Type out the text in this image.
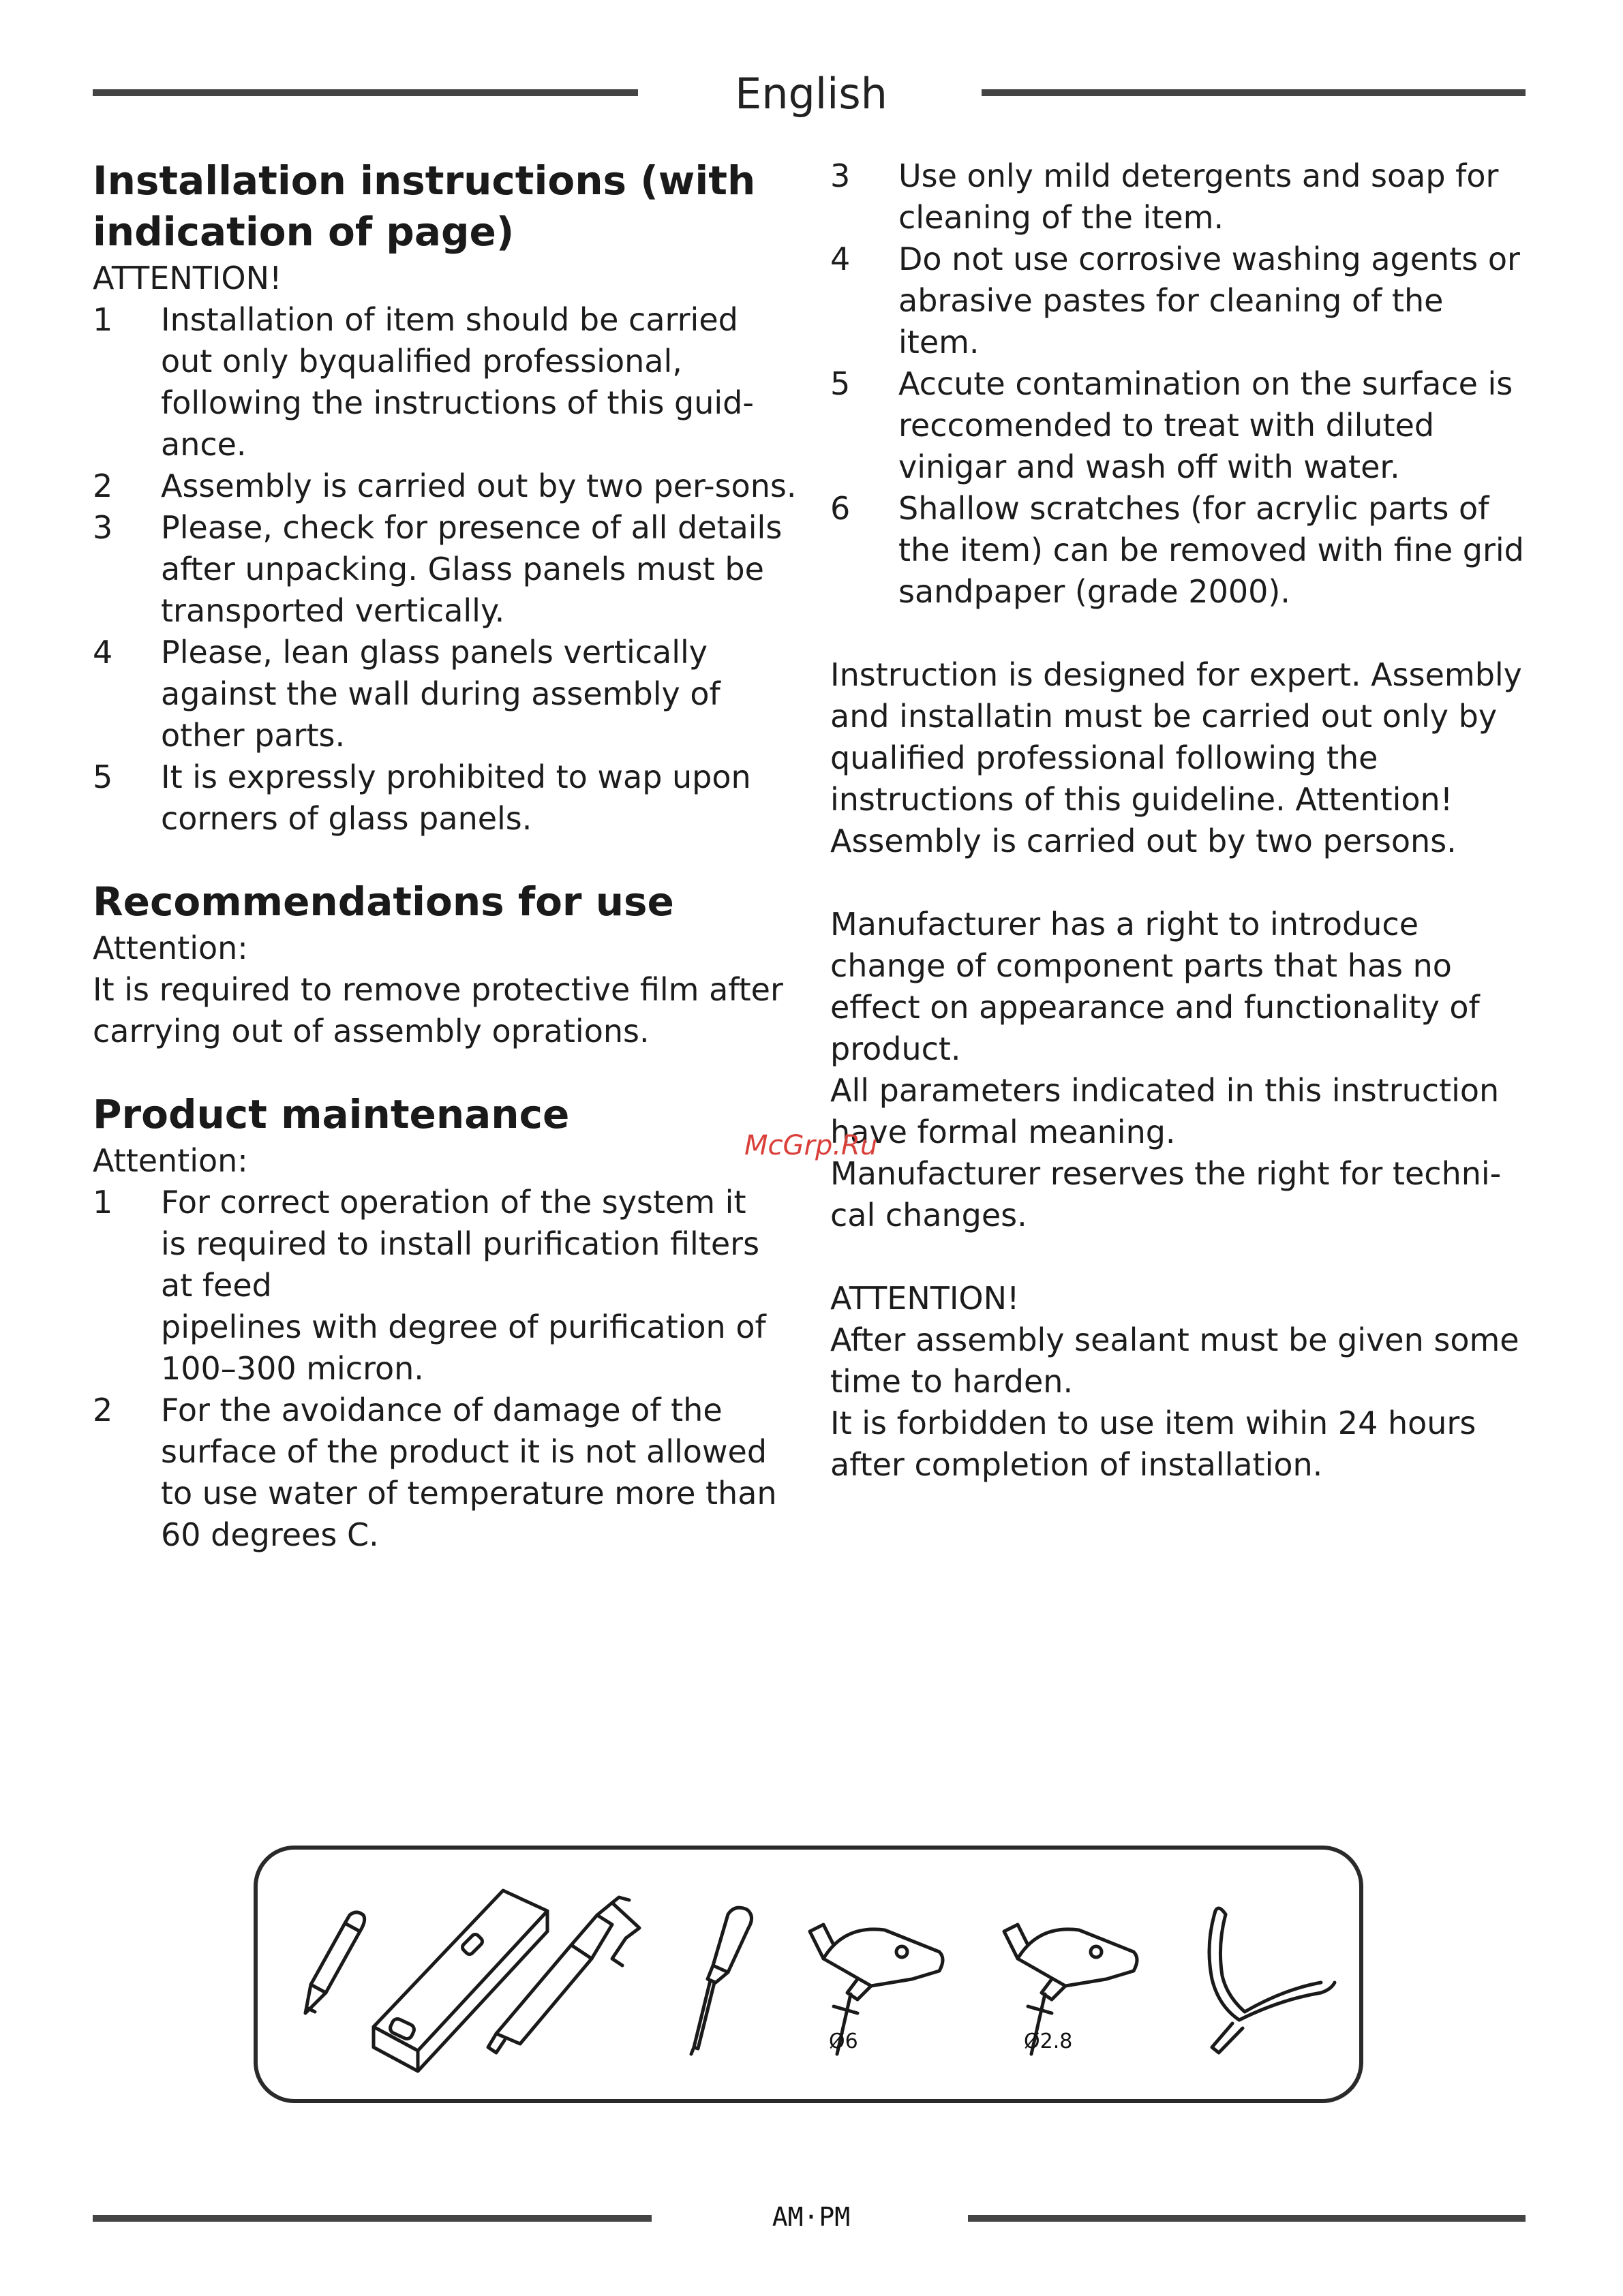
English
Installation instructions (with indication of page)

ATTENTION!

1	Installation of item should be carried out only byqualified professional, following the instructions of this guid-ance.
2	Assembly is carried out by two per-sons.
3	Please, check for presence of all details after unpacking. Glass panels must be transported vertically.
4	Please, lean glass panels vertically against the wall during assembly of other parts.
5	It is expressly prohibited to wap upon corners of glass panels.
Recommendations for use

Attention:

It is required to remove protective film after carrying out of assembly oprations.

Product maintenance

Attention:

1	For correct operation of the system it is required to install purification filters at feed
pipelines with degree of purification of 100–300 micron.
2	For the avoidance of damage of the surface of the product it is not allowed to use water of temperature more than 60 degrees C.
3	Use only mild detergents and soap for cleaning of the item.
4	Do not use corrosive washing agents or abrasive pastes for cleaning of the item.
5	Accute contamination on the surface is reccomended to treat with diluted vinigar and wash off with water.
6	Shallow scratches (for acrylic parts of the item) can be removed with fine grid sandpaper (grade 2000).

Instruction is designed for expert. Assembly and installatin must be carried out only by qualified professional following the instructions of this guideline. Attention! Assembly is carried out by two persons.

Manufacturer has a right to introduce change of component parts that has no effect on appearance and functionality of product.

All parameters indicated in this instruction have formal meaning.

Manufacturer reserves the right for techni-cal changes.

ATTENTION!

After assembly sealant must be given some time to harden.

It is forbidden to use item wihin 24 hours after completion of installation.

McGrp.Ru
Ø6	Ø2.8
AM·PM
